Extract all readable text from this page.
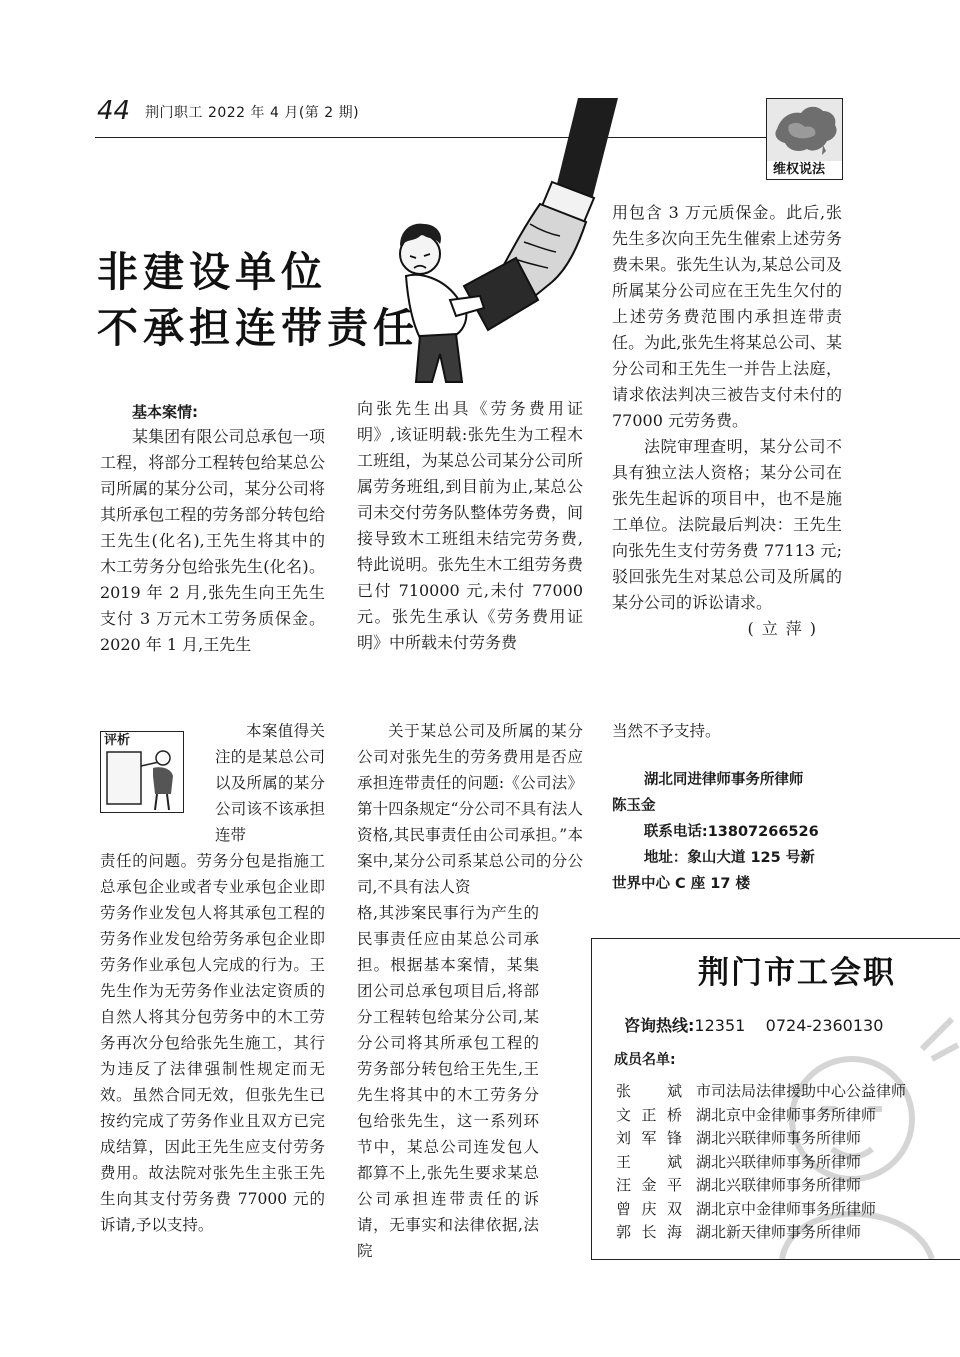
44 荆门职工 2022 年 4 月(第 2 期)
维权说法
非建设单位
不承担连带责任
基本案情:

某集团有限公司总承包一项工程，将部分工程转包给某总公司所属的某分公司，某分公司将其所承包工程的劳务部分转包给王先生(化名),王先生将其中的木工劳务分包给张先生(化名)。2019 年 2 月,张先生向王先生支付 3 万元木工劳务质保金。2020 年 1 月,王先生

向张先生出具《劳务费用证明》,该证明载:张先生为工程木工班组，为某总公司某分公司所属劳务班组,到目前为止,某总公司未交付劳务队整体劳务费，间接导致木工班组未结完劳务费,特此说明。张先生木工组劳务费已付 710000 元,未付 77000 元。张先生承认《劳务费用证明》中所载未付劳务费

用包含 3 万元质保金。此后,张先生多次向王先生催索上述劳务费未果。张先生认为,某总公司及所属某分公司应在王先生欠付的上述劳务费范围内承担连带责任。为此,张先生将某总公司、某分公司和王先生一并告上法庭，请求依法判决三被告支付未付的 77000 元劳务费。

法院审理查明，某分公司不具有独立法人资格；某分公司在张先生起诉的项目中，也不是施工单位。法院最后判决：王先生向张先生支付劳务费 77113 元;驳回张先生对某总公司及所属的某分公司的诉讼请求。

(立萍)
评析

本案值得关注的是某总公司以及所属的某分公司该不该承担连带

责任的问题。劳务分包是指施工总承包企业或者专业承包企业即劳务作业发包人将其承包工程的劳务作业发包给劳务承包企业即劳务作业承包人完成的行为。王先生作为无劳务作业法定资质的自然人将其分包劳务中的木工劳务再次分包给张先生施工，其行为违反了法律强制性规定而无效。虽然合同无效，但张先生已按约完成了劳务作业且双方已完成结算，因此王先生应支付劳务费用。故法院对张先生主张王先生向其支付劳务费 77000 元的诉请,予以支持。

关于某总公司及所属的某分公司对张先生的劳务费用是否应承担连带责任的问题:《公司法》第十四条规定“分公司不具有法人资格,其民事责任由公司承担。”本案中,某分公司系某总公司的分公司,不具有法人资

格,其涉案民事行为产生的民事责任应由某总公司承担。根据基本案情，某集团公司总承包项目后,将部分工程转包给某分公司,某分公司将其所承包工程的劳务部分转包给王先生,王先生将其中的木工劳务分包给张先生，这一系列环节中，某总公司连发包人都算不上,张先生要求某总公司承担连带责任的诉请，无事实和法律依据,法院

当然不予支持。

湖北同进律师事务所律师

陈玉金

联系电话:13807266526

地址：象山大道 125 号新

世界中心 C 座 17 楼

荆门市工会职
咨询热线:12351    0724-2360130
成员名单:
张 斌 市司法局法律援助中心公益律师
文正桥 湖北京中金律师事务所律师
刘军锋 湖北兴联律师事务所律师
王 斌 湖北兴联律师事务所律师
汪金平 湖北兴联律师事务所律师
曾庆双 湖北京中金律师事务所律师
郭长海 湖北新天律师事务所律师
